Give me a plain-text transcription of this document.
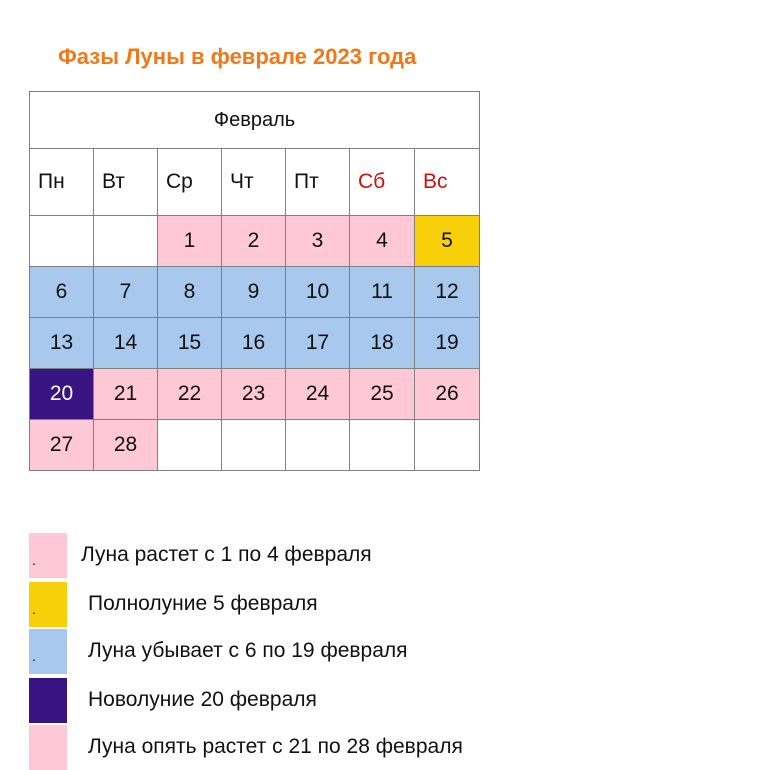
Фазы Луны в феврале 2023 года
Февраль						
Пн	Вт	Ср	Чт	Пт	Сб	Вс
		1	2	3	4	5
6	7	8	9	10	11	12
13	14	15	16	17	18	19
20	21	22	23	24	25	26
27	28					
. Луна растет с 1 по 4 февраля
. Полнолуние 5 февраля
. Луна убывает с 6 по 19 февраля
Новолуние 20 февраля
Луна опять растет с 21 по 28 февраля
